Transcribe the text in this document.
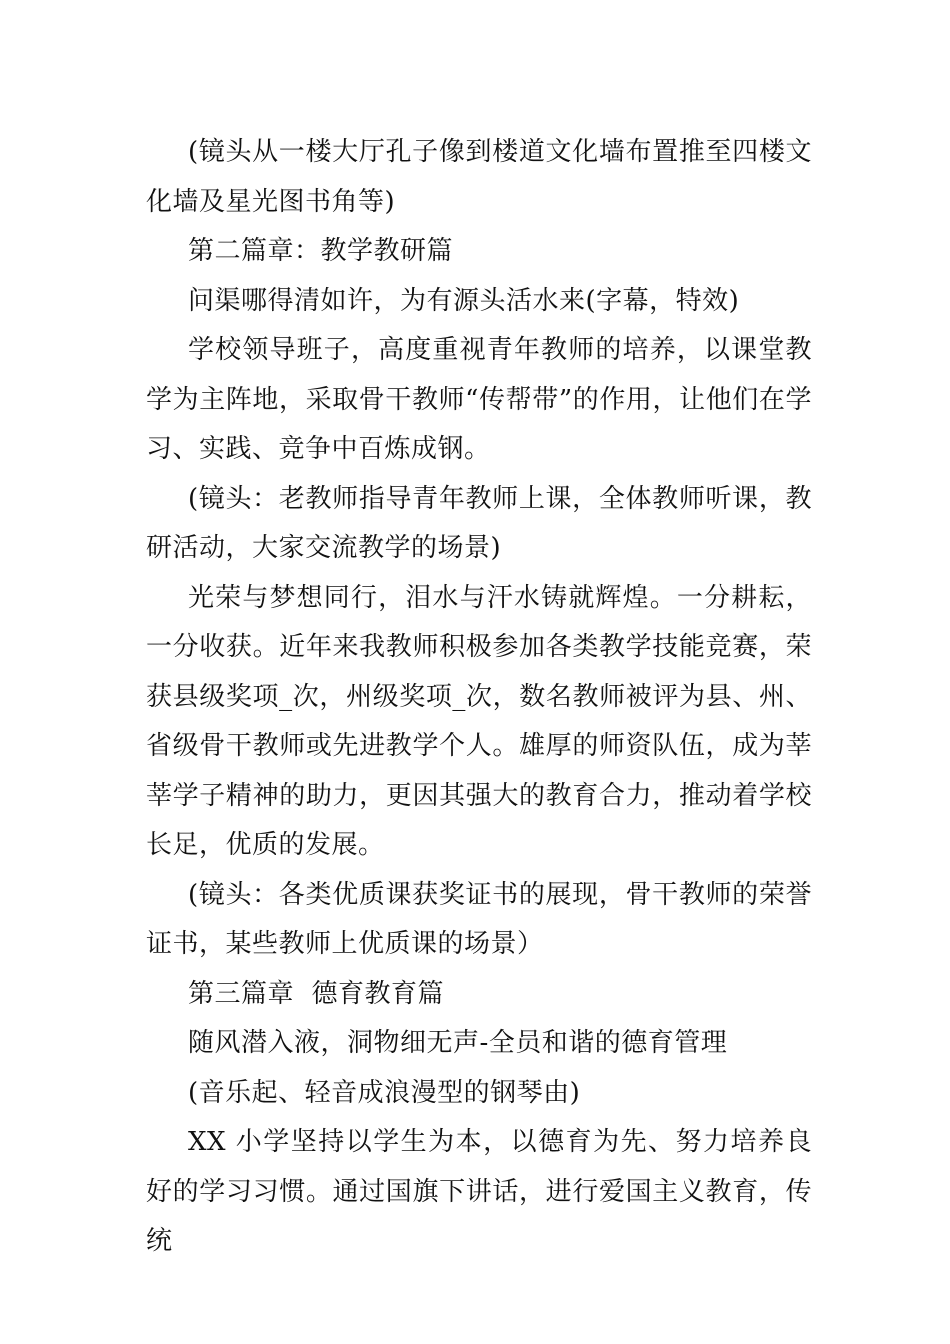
(镜头从一楼大厅孔子像到楼道文化墙布置推至四楼文化墙及星光图书角等)

第二篇章：教学教研篇

问渠哪得清如许，为有源头活水来(字幕，特效)

学校领导班子，高度重视青年教师的培养，以课堂教学为主阵地，采取骨干教师“传帮带”的作用，让他们在学习、实践、竞争中百炼成钢。

(镜头：老教师指导青年教师上课，全体教师听课，教研活动，大家交流教学的场景)

光荣与梦想同行，泪水与汗水铸就辉煌。一分耕耘，一分收获。近年来我教师积极参加各类教学技能竞赛，荣获县级奖项_次，州级奖项_次，数名教师被评为县、州、省级骨干教师或先进教学个人。雄厚的师资队伍，成为莘莘学子精神的助力，更因其强大的教育合力，推动着学校长足，优质的发展。

(镜头：各类优质课获奖证书的展现，骨干教师的荣誉证书，某些教师上优质课的场景）

第三篇章  德育教育篇

随风潜入液，洞物细无声-全员和谐的德育管理

(音乐起、轻音成浪漫型的钢琴由)

XX 小学坚持以学生为本，以德育为先、努力培养良好的学习习惯。通过国旗下讲话，进行爱国主义教育，传统
